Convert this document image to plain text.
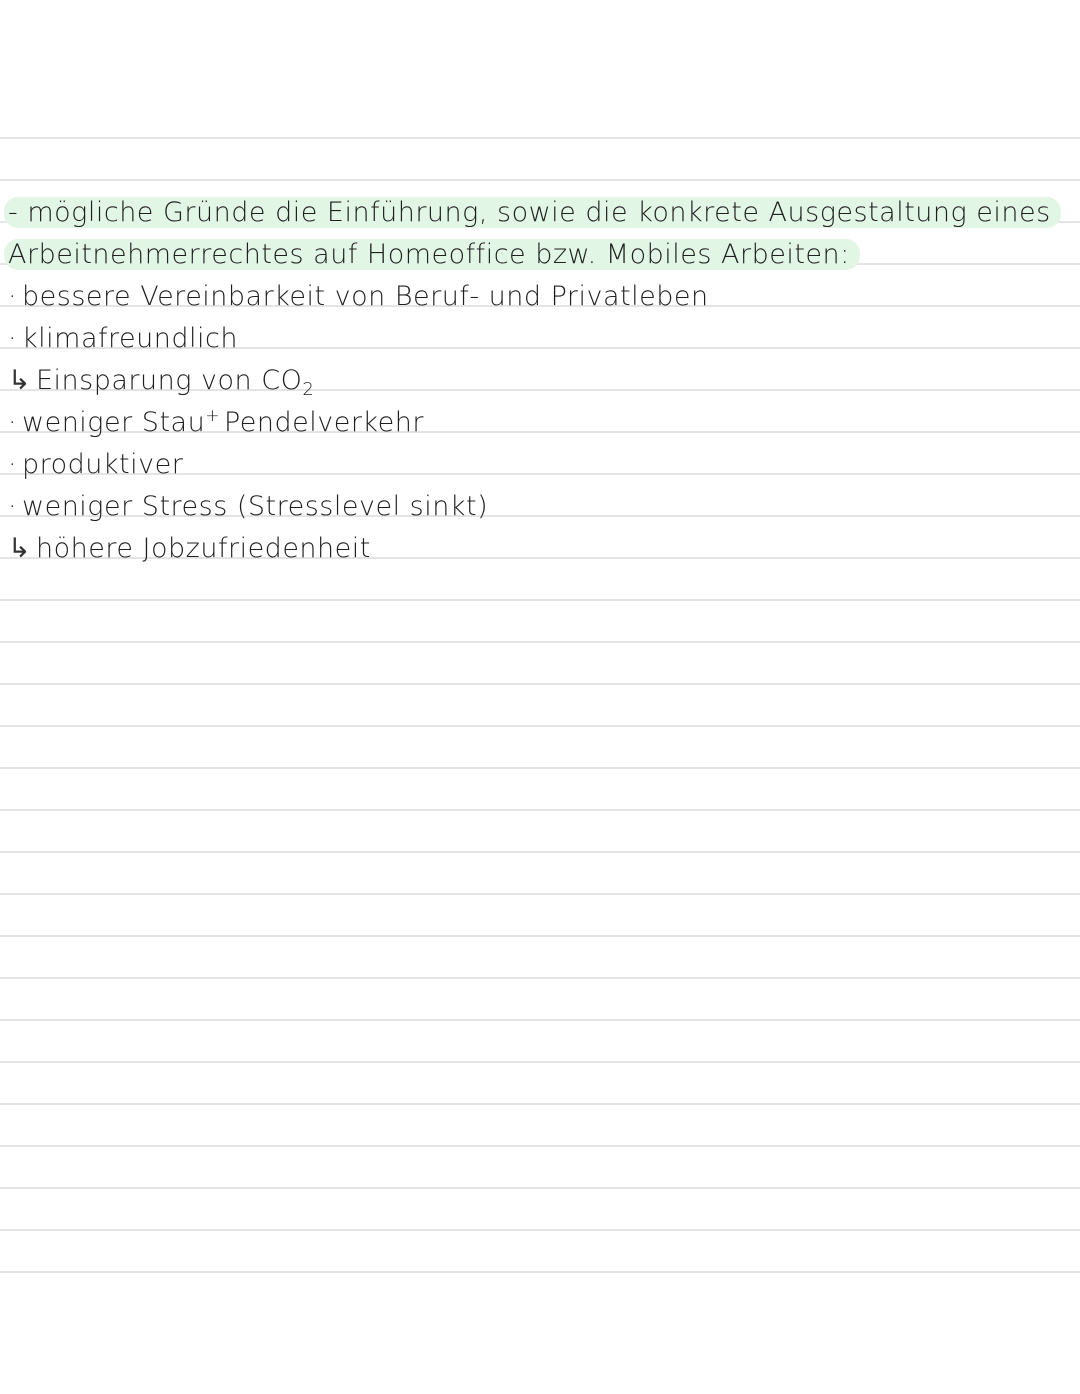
- mögliche Gründe die Einführung, sowie die konkrete Ausgestaltung eines
Arbeitnehmerrechtes auf Homeoffice bzw. Mobiles Arbeiten:
· bessere Vereinbarkeit von Beruf- und Privatleben
· klimafreundlich
↳ Einsparung von $CO_2$
· weniger Stau+ Pendelverkehr
· produktiver
· weniger Stress (Stresslevel sinkt)
↳ höhere Jobzufriedenheit
